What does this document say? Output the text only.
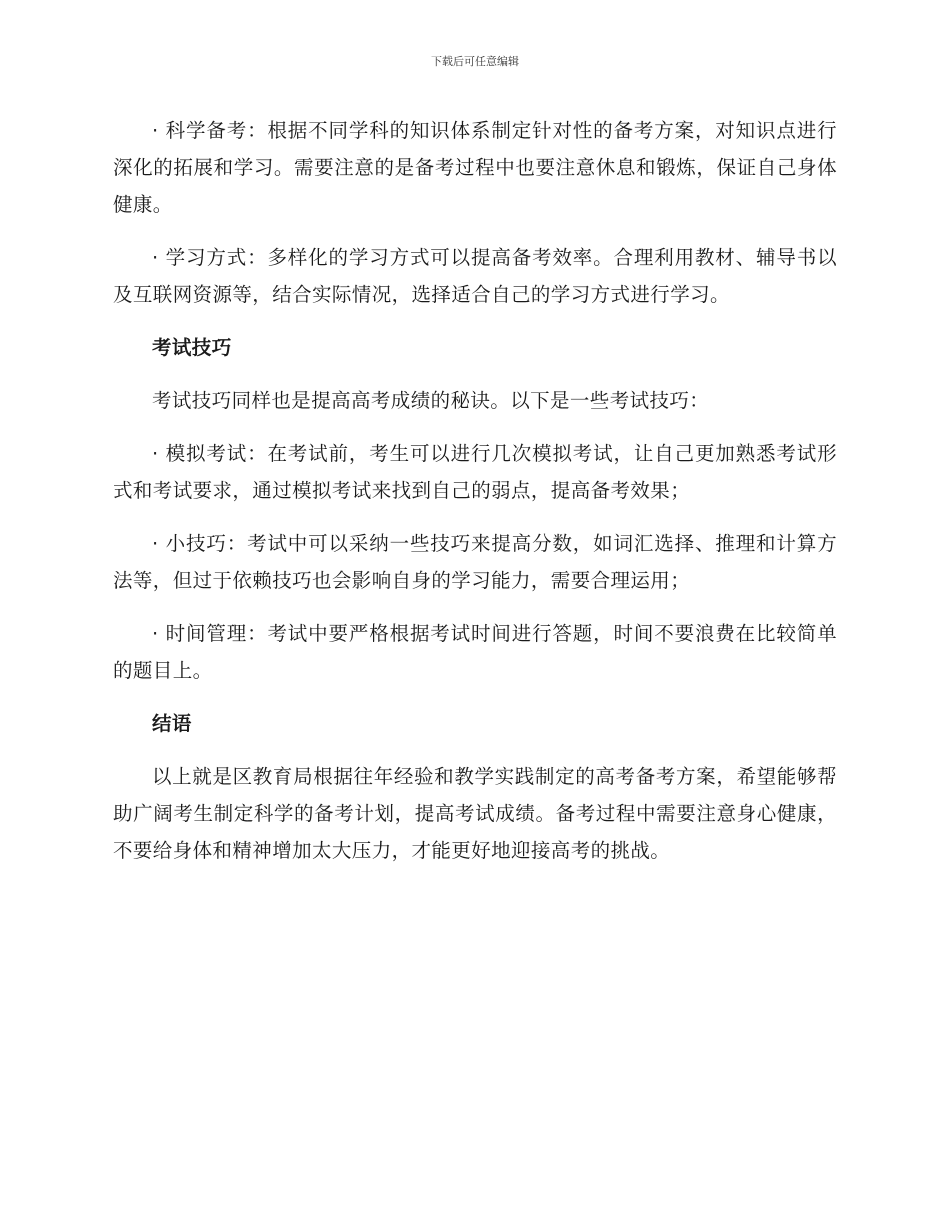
下载后可任意编辑

· 科学备考：根据不同学科的知识体系制定针对性的备考方案，对知识点进行深化的拓展和学习。需要注意的是备考过程中也要注意休息和锻炼，保证自己身体健康。

· 学习方式：多样化的学习方式可以提高备考效率。合理利用教材、辅导书以及互联网资源等，结合实际情况，选择适合自己的学习方式进行学习。

考试技巧

考试技巧同样也是提高高考成绩的秘诀。以下是一些考试技巧：

· 模拟考试：在考试前，考生可以进行几次模拟考试，让自己更加熟悉考试形式和考试要求，通过模拟考试来找到自己的弱点，提高备考效果；

· 小技巧：考试中可以采纳一些技巧来提高分数，如词汇选择、推理和计算方法等，但过于依赖技巧也会影响自身的学习能力，需要合理运用；

· 时间管理：考试中要严格根据考试时间进行答题，时间不要浪费在比较简单的题目上。

结语

以上就是区教育局根据往年经验和教学实践制定的高考备考方案，希望能够帮助广阔考生制定科学的备考计划，提高考试成绩。备考过程中需要注意身心健康，不要给身体和精神增加太大压力，才能更好地迎接高考的挑战。
